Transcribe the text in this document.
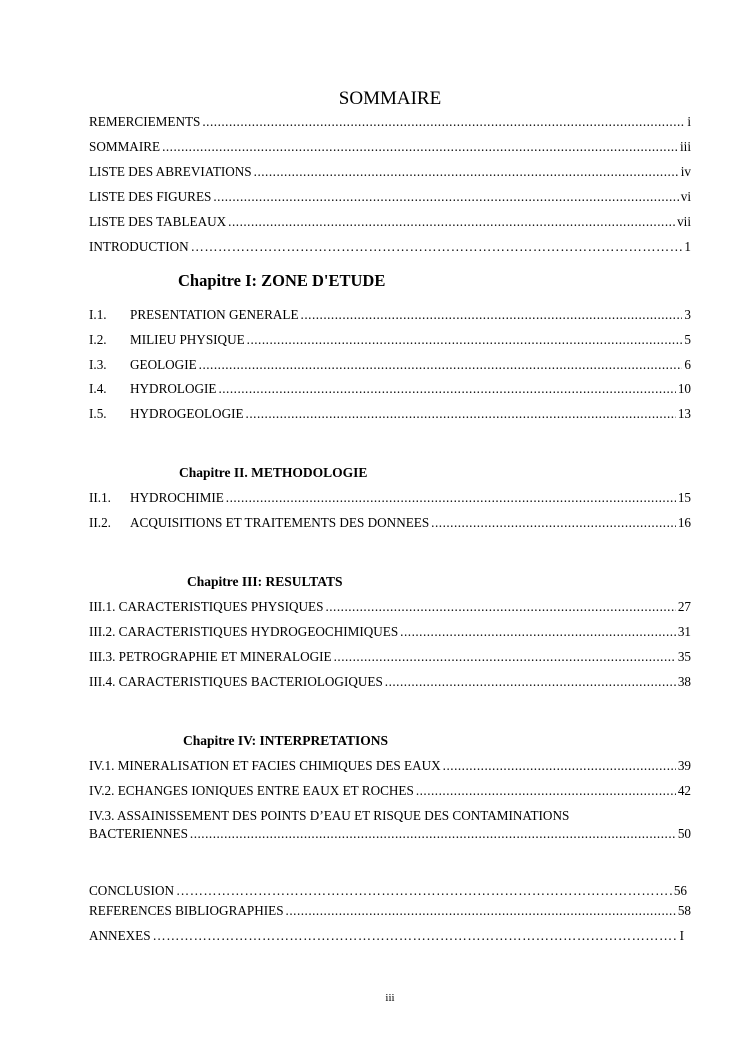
SOMMAIRE
REMERCIEMENTS .....	i
SOMMAIRE .....	iii
LISTE DES ABREVIATIONS .....	iv
LISTE DES FIGURES .....	vi
LISTE DES TABLEAUX .....	vii
INTRODUCTION …………………………………………………………………………………………………………………………………………………………	1
Chapitre I: ZONE D'ETUDE
I.1.	PRESENTATION GENERALE .....	3
I.2.	MILIEU PHYSIQUE .....	5
I.3.	GEOLOGIE .....	6
I.4.	HYDROLOGIE .....	10
I.5.	HYDROGEOLOGIE .....	13
Chapitre II. METHODOLOGIE
II.1.	HYDROCHIMIE .....	15
II.2.	ACQUISITIONS ET TRAITEMENTS DES DONNEES .....	16
Chapitre III: RESULTATS
III.1. CARACTERISTIQUES PHYSIQUES .....	27
III.2. CARACTERISTIQUES HYDROGEOCHIMIQUES .....	31
III.3. PETROGRAPHIE ET MINERALOGIE .....	35
III.4. CARACTERISTIQUES BACTERIOLOGIQUES .....	38
Chapitre IV: INTERPRETATIONS
IV.1. MINERALISATION ET FACIES CHIMIQUES DES EAUX .....	39
IV.2. ECHANGES IONIQUES ENTRE EAUX ET ROCHES .....	42
IV.3. ASSAINISSEMENT DES POINTS D’EAU ET RISQUE DES CONTAMINATIONS
BACTERIENNES .....	50
CONCLUSION …………………………………………………………………………………………………………………………………………………………	56
REFERENCES BIBLIOGRAPHIES .....	58
ANNEXES …………………………………………………………………………………………………………………………………………………………	I
iii
